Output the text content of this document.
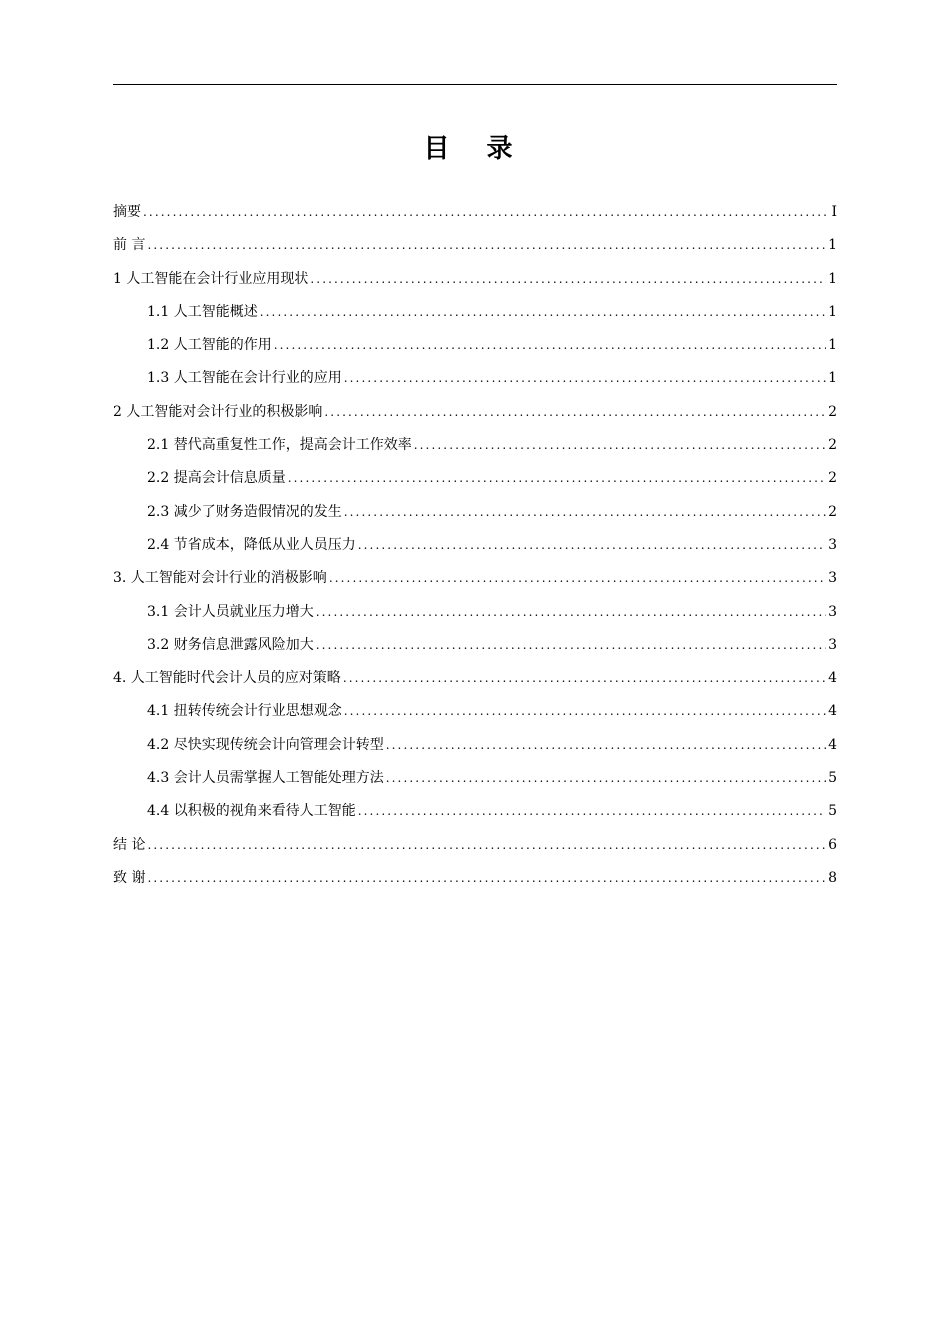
目 录
摘要 .....	I
前 言 .....	1
1 人工智能在会计行业应用现状 .....	1
1.1 人工智能概述 .....	1
1.2 人工智能的作用 .....	1
1.3 人工智能在会计行业的应用 .....	1
2 人工智能对会计行业的积极影响 .....	2
2.1 替代高重复性工作，提高会计工作效率 .....	2
2.2 提高会计信息质量 .....	2
2.3 减少了财务造假情况的发生 .....	2
2.4 节省成本，降低从业人员压力 .....	3
3. 人工智能对会计行业的消极影响 .....	3
3.1 会计人员就业压力增大 .....	3
3.2 财务信息泄露风险加大 .....	3
4. 人工智能时代会计人员的应对策略 .....	4
4.1 扭转传统会计行业思想观念 .....	4
4.2 尽快实现传统会计向管理会计转型 .....	4
4.3 会计人员需掌握人工智能处理方法 .....	5
4.4 以积极的视角来看待人工智能 .....	5
结 论 .....	6
致 谢 .....	8
